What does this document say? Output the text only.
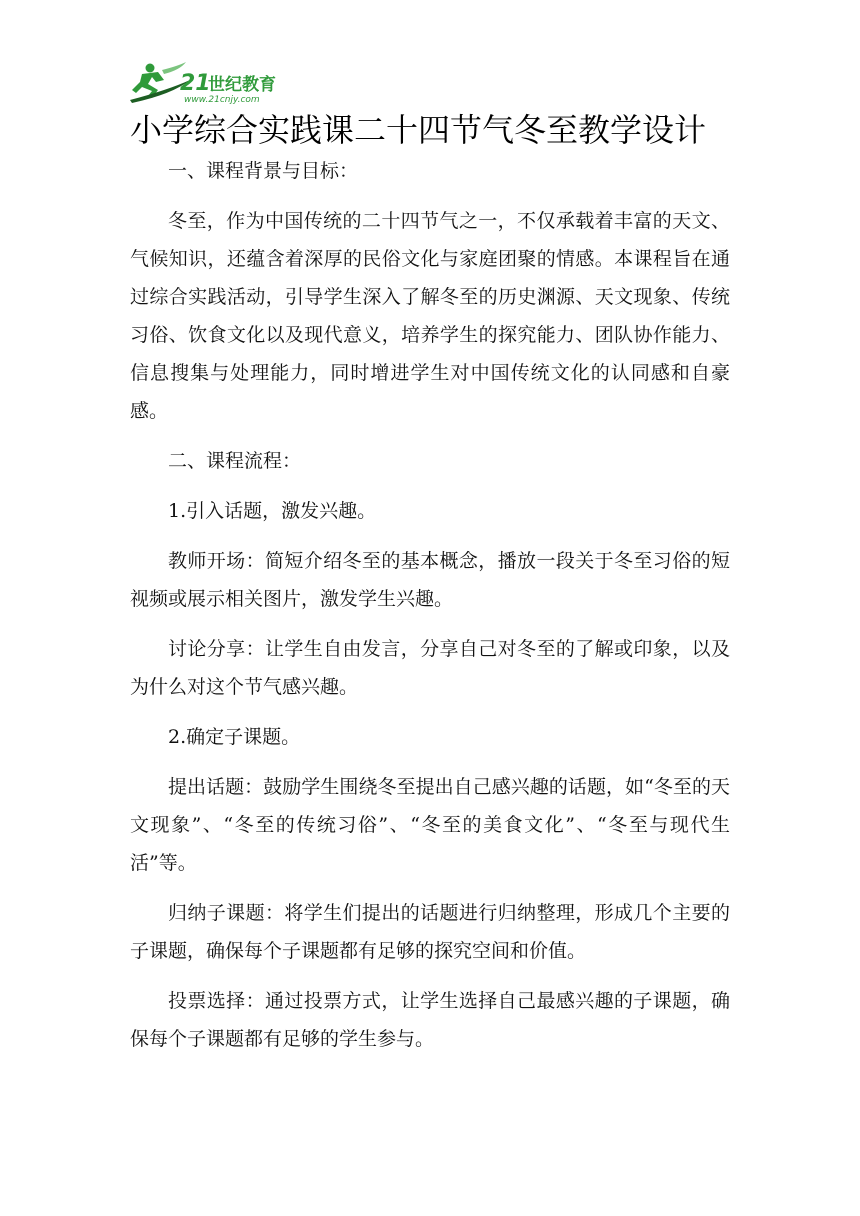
21
世纪教育
www.21cnjy.com
小学综合实践课二十四节气冬至教学设计

一、课程背景与目标：

冬至，作为中国传统的二十四节气之一，不仅承载着丰富的天文、气候知识，还蕴含着深厚的民俗文化与家庭团聚的情感。本课程旨在通过综合实践活动，引导学生深入了解冬至的历史渊源、天文现象、传统习俗、饮食文化以及现代意义，培养学生的探究能力、团队协作能力、信息搜集与处理能力，同时增进学生对中国传统文化的认同感和自豪感。

二、课程流程：

1.引入话题，激发兴趣。

教师开场：简短介绍冬至的基本概念，播放一段关于冬至习俗的短视频或展示相关图片，激发学生兴趣。

讨论分享：让学生自由发言，分享自己对冬至的了解或印象，以及为什么对这个节气感兴趣。

2.确定子课题。

提出话题：鼓励学生围绕冬至提出自己感兴趣的话题，如“冬至的天文现象”、“冬至的传统习俗”、“冬至的美食文化”、“冬至与现代生活”等。

归纳子课题：将学生们提出的话题进行归纳整理，形成几个主要的子课题，确保每个子课题都有足够的探究空间和价值。

投票选择：通过投票方式，让学生选择自己最感兴趣的子课题，确保每个子课题都有足够的学生参与。
